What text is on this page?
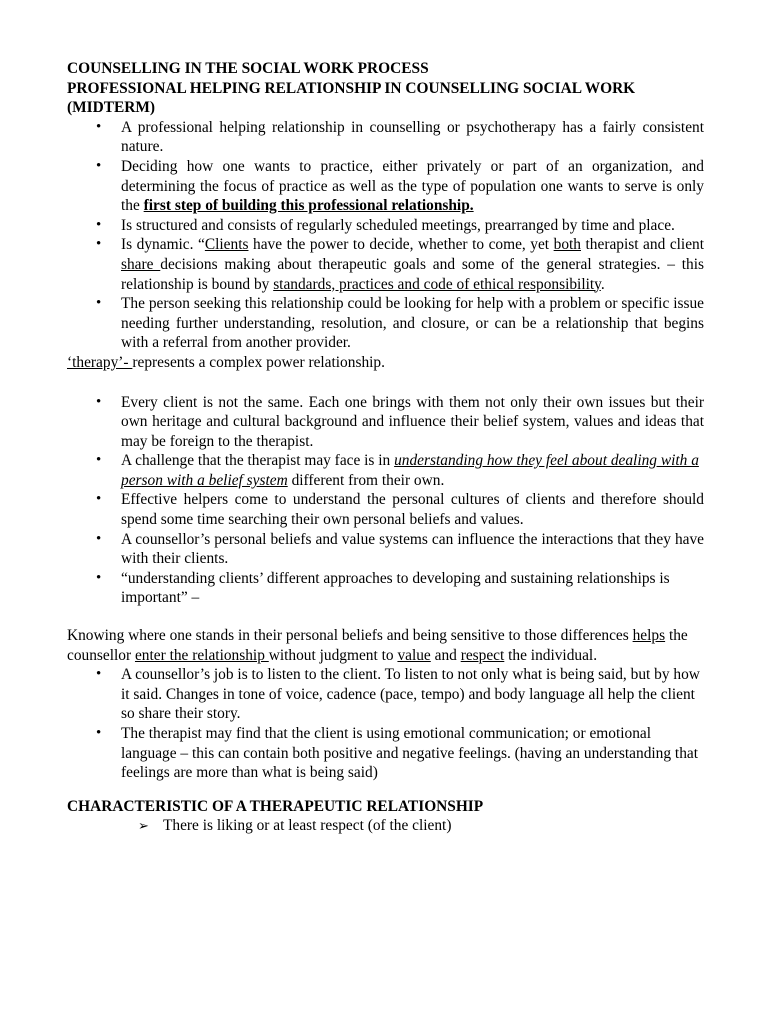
COUNSELLING IN THE SOCIAL WORK PROCESS

PROFESSIONAL HELPING RELATIONSHIP IN COUNSELLING SOCIAL WORK

(MIDTERM)

• A professional helping relationship in counselling or psychotherapy has a fairly consistent nature.
• Deciding how one wants to practice, either privately or part of an organization, and determining the focus of practice as well as the type of population one wants to serve is only the first step of building this professional relationship.
• Is structured and consists of regularly scheduled meetings, prearranged by time and place.
• Is dynamic. “Clients have the power to decide, whether to come, yet both therapist and client share decisions making about therapeutic goals and some of the general strategies. – this relationship is bound by standards, practices and code of ethical responsibility.
• The person seeking this relationship could be looking for help with a problem or specific issue needing further understanding, resolution, and closure, or can be a relationship that begins with a referral from another provider.

‘therapy’- represents a complex power relationship.

• Every client is not the same. Each one brings with them not only their own issues but their own heritage and cultural background and influence their belief system, values and ideas that may be foreign to the therapist.
• A challenge that the therapist may face is in understanding how they feel about dealing with a person with a belief system different from their own.
• Effective helpers come to understand the personal cultures of clients and therefore should spend some time searching their own personal beliefs and values.
• A counsellor’s personal beliefs and value systems can influence the interactions that they have with their clients.
• “understanding clients’ different approaches to developing and sustaining relationships is important” –

Knowing where one stands in their personal beliefs and being sensitive to those differences helps the counsellor enter the relationship without judgment to value and respect the individual.

• A counsellor’s job is to listen to the client. To listen to not only what is being said, but by how it said. Changes in tone of voice, cadence (pace, tempo) and body language all help the client so share their story.
• The therapist may find that the client is using emotional communication; or emotional language – this can contain both positive and negative feelings. (having an understanding that feelings are more than what is being said)

CHARACTERISTIC OF A THERAPEUTIC RELATIONSHIP

➢ There is liking or at least respect (of the client)
